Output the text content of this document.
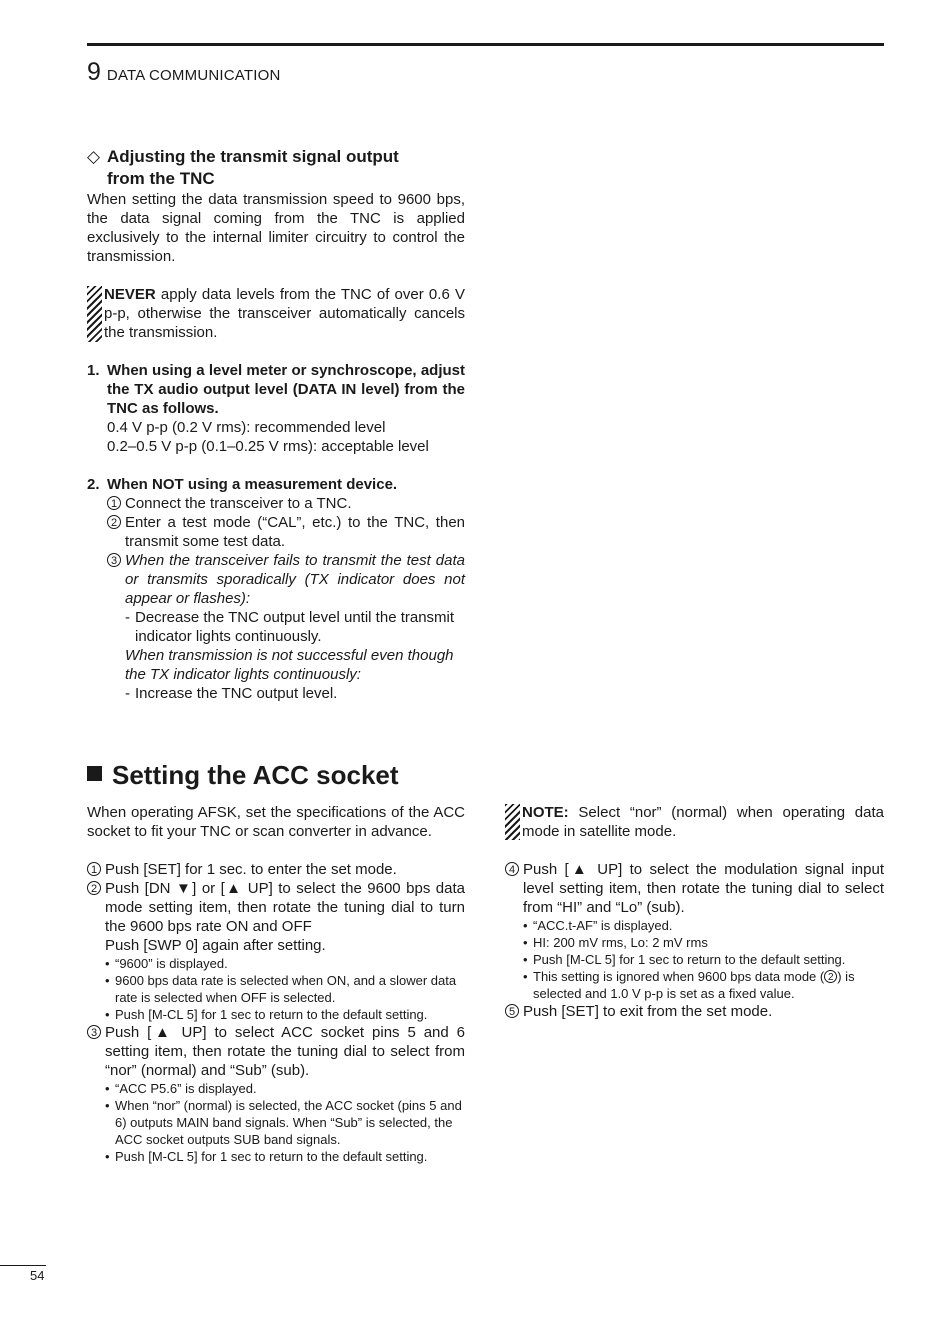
9 DATA COMMUNICATION
◇ Adjusting the transmit signal output
from the TNC
When setting the data transmission speed to 9600 bps, the data signal coming from the TNC is applied exclusively to the internal limiter circuitry to control the transmission.
NEVER apply data levels from the TNC of over 0.6 V p-p, otherwise the transceiver automatically cancels the transmission.
1. When using a level meter or synchroscope, adjust the TX audio output level (DATA IN level) from the TNC as follows.
0.4 V p-p (0.2 V rms): recommended level
0.2–0.5 V p-p (0.1–0.25 V rms): acceptable level
2. When NOT using a measurement device.
1 Connect the transceiver to a TNC.
2 Enter a test mode (“CAL”, etc.) to the TNC, then transmit some test data.
3 When the transceiver fails to transmit the test data or transmits sporadically (TX indicator does not appear or flashes):
- Decrease the TNC output level until the transmit indicator lights continuously.
When transmission is not successful even though the TX indicator lights continuously:
- Increase the TNC output level.
Setting the ACC socket
When operating AFSK, set the specifications of the ACC socket to fit your TNC or scan converter in advance.
1 Push [SET] for 1 sec. to enter the set mode.
2 Push [DN ▼] or [▲ UP] to select the 9600 bps data mode setting item, then rotate the tuning dial to turn the 9600 bps rate ON and OFF
Push [SWP 0] again after setting.
• “9600” is displayed.
• 9600 bps data rate is selected when ON, and a slower data rate is selected when OFF is selected.
• Push [M-CL 5] for 1 sec to return to the default setting.
3 Push [▲ UP] to select ACC socket pins 5 and 6 setting item, then rotate the tuning dial to select from “nor” (normal) and “Sub” (sub).
• “ACC P5.6” is displayed.
• When “nor” (normal) is selected, the ACC socket (pins 5 and 6) outputs MAIN band signals. When “Sub” is selected, the ACC socket outputs SUB band signals.
• Push [M-CL 5] for 1 sec to return to the default setting.
NOTE: Select “nor” (normal) when operating data mode in satellite mode.
4 Push [▲ UP] to select the modulation signal input level setting item, then rotate the tuning dial to select from “HI” and “Lo” (sub).
• “ACC.t-AF” is displayed.
• HI: 200 mV rms, Lo: 2 mV rms
• Push [M-CL 5] for 1 sec to return to the default setting.
• This setting is ignored when 9600 bps data mode ( 2 ) is selected and 1.0 V p-p is set as a fixed value.
5 Push [SET] to exit from the set mode.
54
